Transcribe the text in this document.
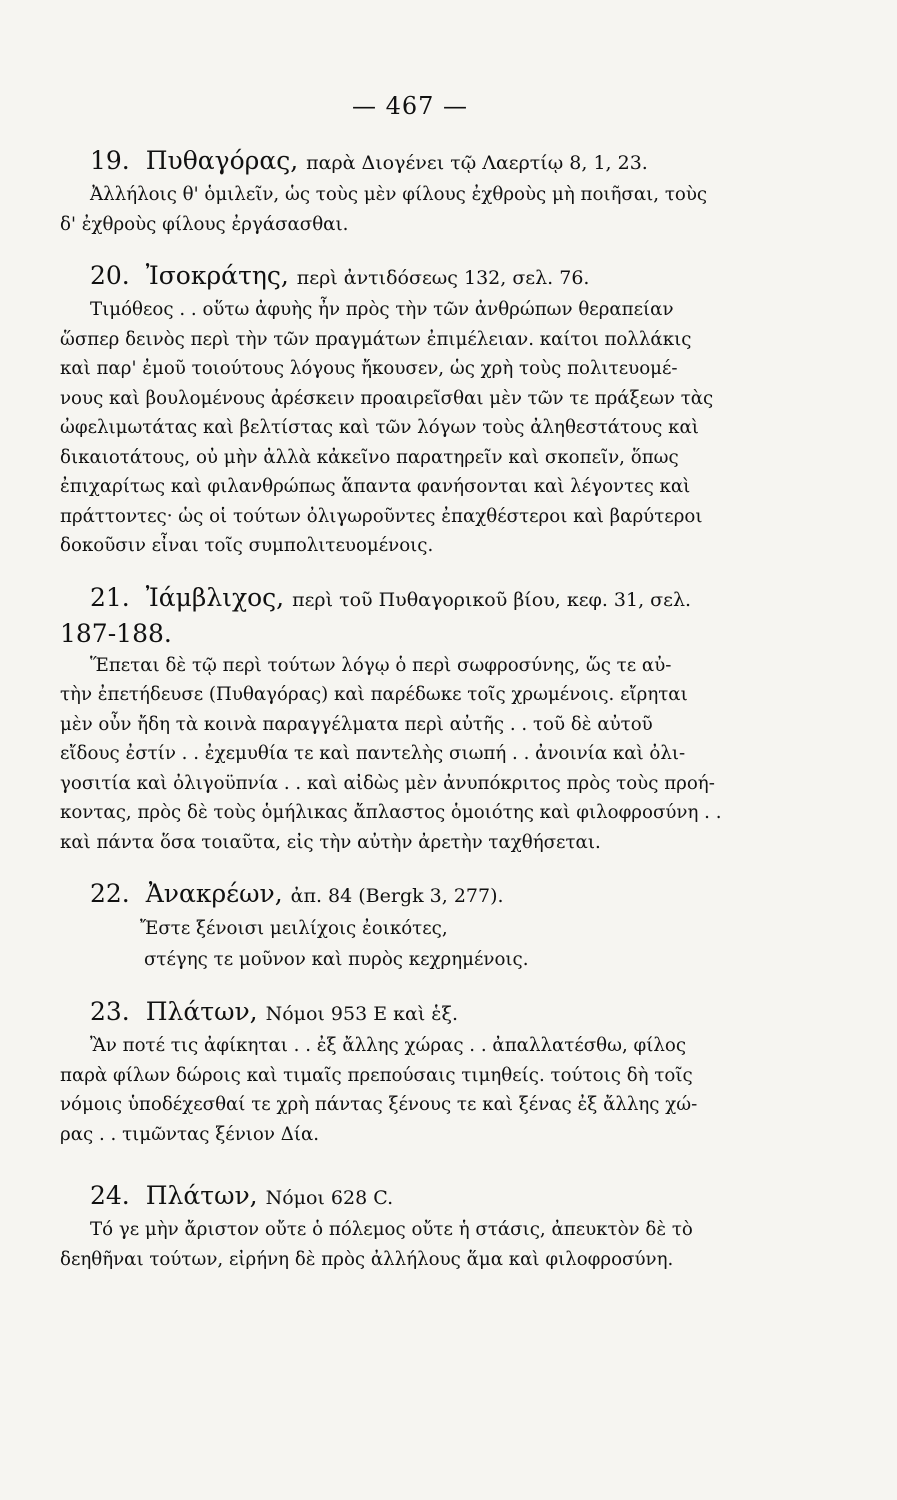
— 467 —
19. Πυθαγόρας, παρὰ Διογένει τῷ Λαερτίῳ 8, 1, 23.
Ἀλλήλοις θ' ὁμιλεῖν, ὡς τοὺς μὲν φίλους ἐχθροὺς μὴ ποιῆσαι, τοὺς
δ' ἐχθροὺς φίλους ἐργάσασθαι.
20. Ἰσοκράτης, περὶ ἀντιδόσεως 132, σελ. 76.
Τιμόθεος . . οὕτω ἀφυὴς ἦν πρὸς τὴν τῶν ἀνθρώπων θεραπείαν
ὥσπερ δεινὸς περὶ τὴν τῶν πραγμάτων ἐπιμέλειαν. καίτοι πολλάκις
καὶ παρ' ἐμοῦ τοιούτους λόγους ἤκουσεν, ὡς χρὴ τοὺς πολιτευομέ-
νους καὶ βουλομένους ἀρέσκειν προαιρεῖσθαι μὲν τῶν τε πράξεων τὰς
ὠφελιμωτάτας καὶ βελτίστας καὶ τῶν λόγων τοὺς ἀληθεστάτους καὶ
δικαιοτάτους, οὐ μὴν ἀλλὰ κἀκεῖνο παρατηρεῖν καὶ σκοπεῖν, ὅπως
ἐπιχαρίτως καὶ φιλανθρώπως ἅπαντα φανήσονται καὶ λέγοντες καὶ
πράττοντες· ὡς οἱ τούτων ὀλιγωροῦντες ἐπαχθέστεροι καὶ βαρύτεροι
δοκοῦσιν εἶναι τοῖς συμπολιτευομένοις.
21. Ἰάμβλιχος, περὶ τοῦ Πυθαγορικοῦ βίου, κεφ. 31, σελ.
187-188.
Ἕπεται δὲ τῷ περὶ τούτων λόγῳ ὁ περὶ σωφροσύνης, ὥς τε αὐ-
τὴν ἐπετήδευσε (Πυθαγόρας) καὶ παρέδωκε τοῖς χρωμένοις. εἴρηται
μὲν οὖν ἤδη τὰ κοινὰ παραγγέλματα περὶ αὐτῆς . . τοῦ δὲ αὐτοῦ
εἴδους ἐστίν . . ἐχεμυθία τε καὶ παντελὴς σιωπή . . ἀνοινία καὶ ὀλι-
γοσιτία καὶ ὀλιγοϋπνία . . καὶ αἰδὼς μὲν ἀνυπόκριτος πρὸς τοὺς προή-
κοντας, πρὸς δὲ τοὺς ὁμήλικας ἄπλαστος ὁμοιότης καὶ φιλοφροσύνη . .
καὶ πάντα ὅσα τοιαῦτα, εἰς τὴν αὐτὴν ἀρετὴν ταχθήσεται.
22. Ἀνακρέων, ἀπ. 84 (Bergk 3, 277).
Ἔστε ξένοισι μειλίχοις ἐοικότες,
στέγης τε μοῦνον καὶ πυρὸς κεχρημένοις.
23. Πλάτων, Νόμοι 953 Ε καὶ ἑξ.
Ἂν ποτέ τις ἀφίκηται . . ἐξ ἄλλης χώρας . . ἀπαλλατέσθω, φίλος
παρὰ φίλων δώροις καὶ τιμαῖς πρεπούσαις τιμηθείς. τούτοις δὴ τοῖς
νόμοις ὑποδέχεσθαί τε χρὴ πάντας ξένους τε καὶ ξένας ἐξ ἄλλης χώ-
ρας . . τιμῶντας ξένιον Δία.
24. Πλάτων, Νόμοι 628 C.
Τό γε μὴν ἄριστον οὔτε ὁ πόλεμος οὔτε ἡ στάσις, ἀπευκτὸν δὲ τὸ
δεηθῆναι τούτων, εἰρήνη δὲ πρὸς ἀλλήλους ἅμα καὶ φιλοφροσύνη.
